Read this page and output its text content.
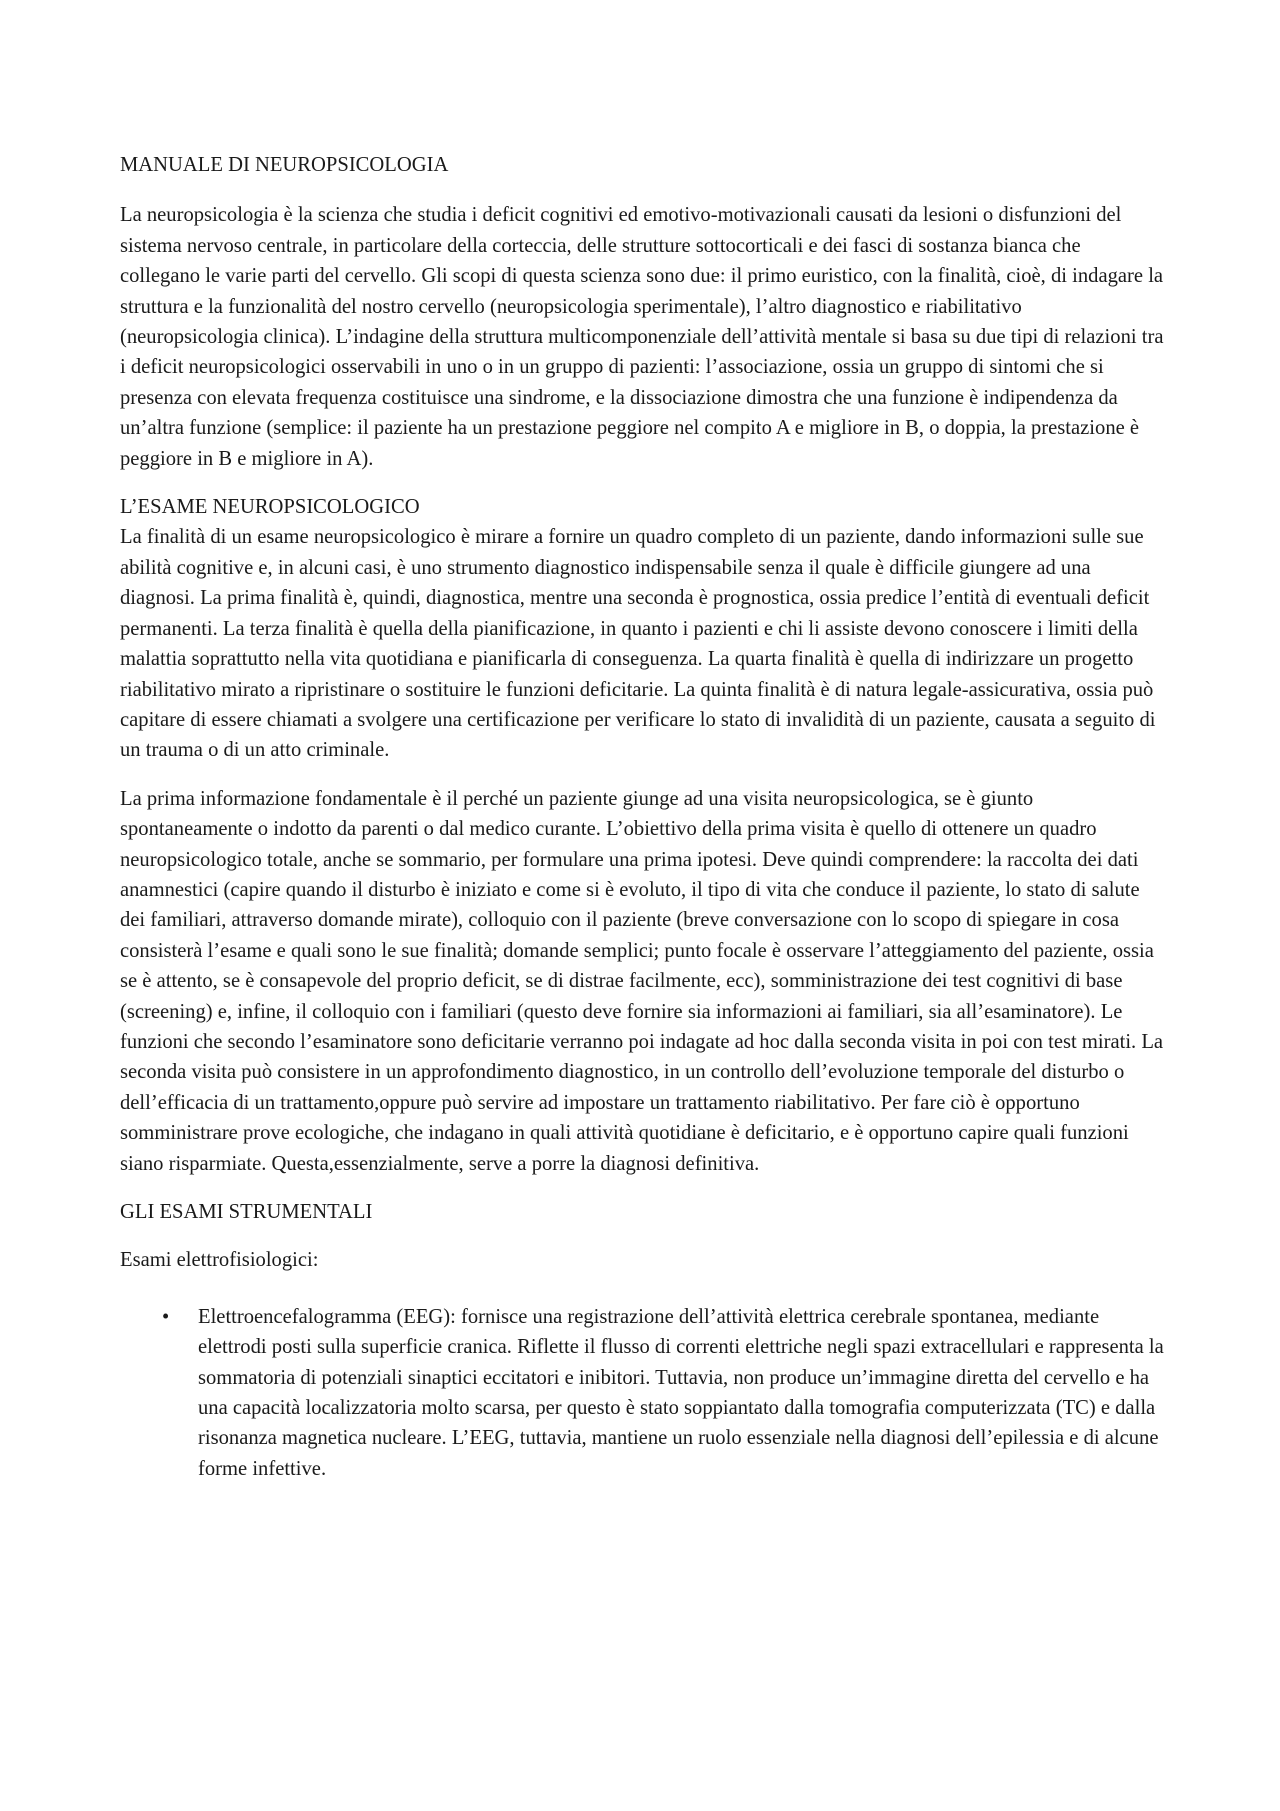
MANUALE DI NEUROPSICOLOGIA

La neuropsicologia è la scienza che studia i deficit cognitivi ed emotivo-motivazionali causati da lesioni o disfunzioni del sistema nervoso centrale, in particolare della corteccia, delle strutture sottocorticali e dei fasci di sostanza bianca che collegano le varie parti del cervello. Gli scopi di questa scienza sono due: il primo euristico, con la finalità, cioè, di indagare la struttura e la funzionalità del nostro cervello (neuropsicologia sperimentale), l’altro diagnostico e riabilitativo (neuropsicologia clinica). L’indagine della struttura multicomponenziale dell’attività mentale si basa su due tipi di relazioni tra i deficit neuropsicologici osservabili in uno o in un gruppo di pazienti: l’associazione, ossia un gruppo di sintomi che si presenza con elevata frequenza costituisce una sindrome, e la dissociazione dimostra che una funzione è indipendenza da un’altra funzione (semplice: il paziente ha un prestazione peggiore nel compito A e migliore in B, o doppia, la prestazione è peggiore in B e migliore in A).

L’ESAME NEUROPSICOLOGICO

La finalità di un esame neuropsicologico è mirare a fornire un quadro completo di un paziente, dando informazioni sulle sue abilità cognitive e, in alcuni casi, è uno strumento diagnostico indispensabile senza il quale è difficile giungere ad una diagnosi. La prima finalità è, quindi, diagnostica, mentre una seconda è prognostica, ossia predice l’entità di eventuali deficit permanenti. La terza finalità è quella della pianificazione, in quanto i pazienti e chi li assiste devono conoscere i limiti della malattia soprattutto nella vita quotidiana e pianificarla di conseguenza. La quarta finalità è quella di indirizzare un progetto riabilitativo mirato a ripristinare o sostituire le funzioni deficitarie. La quinta finalità è di natura legale-assicurativa, ossia può capitare di essere chiamati a svolgere una certificazione per verificare lo stato di invalidità di un paziente, causata a seguito di un trauma o di un atto criminale.

La prima informazione fondamentale è il perché un paziente giunge ad una visita neuropsicologica, se è giunto spontaneamente o indotto da parenti o dal medico curante. L’obiettivo della prima visita è quello di ottenere un quadro neuropsicologico totale, anche se sommario, per formulare una prima ipotesi. Deve quindi comprendere: la raccolta dei dati anamnestici (capire quando il disturbo è iniziato e come si è evoluto, il tipo di vita che conduce il paziente, lo stato di salute dei familiari, attraverso domande mirate), colloquio con il paziente (breve conversazione con lo scopo di spiegare in cosa consisterà l’esame e quali sono le sue finalità; domande semplici; punto focale è osservare l’atteggiamento del paziente, ossia se è attento, se è consapevole del proprio deficit, se di distrae facilmente, ecc), somministrazione dei test cognitivi di base (screening) e, infine, il colloquio con i familiari (questo deve fornire sia informazioni ai familiari, sia all’esaminatore). Le funzioni che secondo l’esaminatore sono deficitarie verranno poi indagate ad hoc dalla seconda visita in poi con test mirati. La seconda visita può consistere in un approfondimento diagnostico, in un controllo dell’evoluzione temporale del disturbo o dell’efficacia di un trattamento,oppure può servire ad impostare un trattamento riabilitativo. Per fare ciò è opportuno somministrare prove ecologiche, che indagano in quali attività quotidiane è deficitario, e è opportuno capire quali funzioni siano risparmiate. Questa,essenzialmente, serve a porre la diagnosi definitiva.

GLI ESAMI STRUMENTALI

Esami elettrofisiologici:

• Elettroencefalogramma (EEG): fornisce una registrazione dell’attività elettrica cerebrale spontanea, mediante elettrodi posti sulla superficie cranica. Riflette il flusso di correnti elettriche negli spazi extracellulari e rappresenta la sommatoria di potenziali sinaptici eccitatori e inibitori. Tuttavia, non produce un’immagine diretta del cervello e ha una capacità localizzatoria molto scarsa, per questo è stato soppiantato dalla tomografia computerizzata (TC) e dalla risonanza magnetica nucleare. L’EEG, tuttavia, mantiene un ruolo essenziale nella diagnosi dell’epilessia e di alcune forme infettive.
